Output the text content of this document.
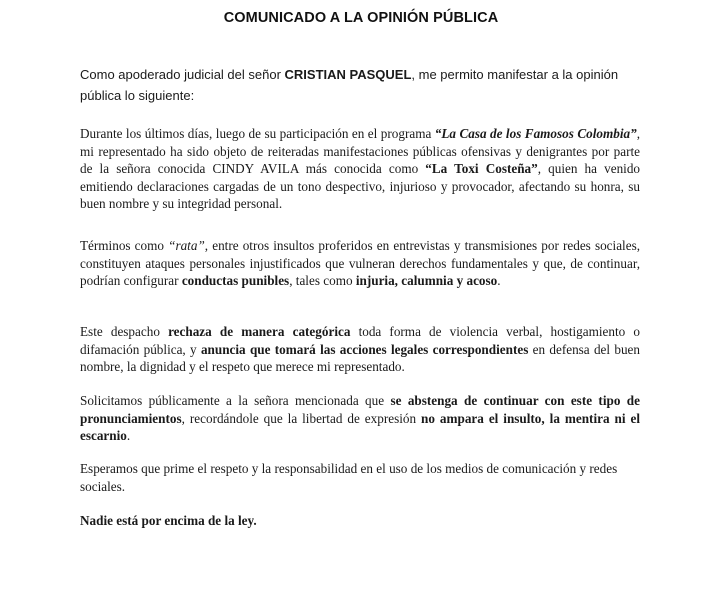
COMUNICADO A LA OPINIÓN PÚBLICA

Como apoderado judicial del señor CRISTIAN PASQUEL, me permito manifestar a la opinión pública lo siguiente:

Durante los últimos días, luego de su participación en el programa “La Casa de los Famosos Colombia”, mi representado ha sido objeto de reiteradas manifestaciones públicas ofensivas y denigrantes por parte de la señora conocida CINDY AVILA más conocida como “La Toxi Costeña”, quien ha venido emitiendo declaraciones cargadas de un tono despectivo, injurioso y provocador, afectando su honra, su buen nombre y su integridad personal.

Términos como “rata”, entre otros insultos proferidos en entrevistas y transmisiones por redes sociales, constituyen ataques personales injustificados que vulneran derechos fundamentales y que, de continuar, podrían configurar conductas punibles, tales como injuria, calumnia y acoso.

Este despacho rechaza de manera categórica toda forma de violencia verbal, hostigamiento o difamación pública, y anuncia que tomará las acciones legales correspondientes en defensa del buen nombre, la dignidad y el respeto que merece mi representado.

Solicitamos públicamente a la señora mencionada que se abstenga de continuar con este tipo de pronunciamientos, recordándole que la libertad de expresión no ampara el insulto, la mentira ni el escarnio.

Esperamos que prime el respeto y la responsabilidad en el uso de los medios de comunicación y redes sociales.

Nadie está por encima de la ley.
